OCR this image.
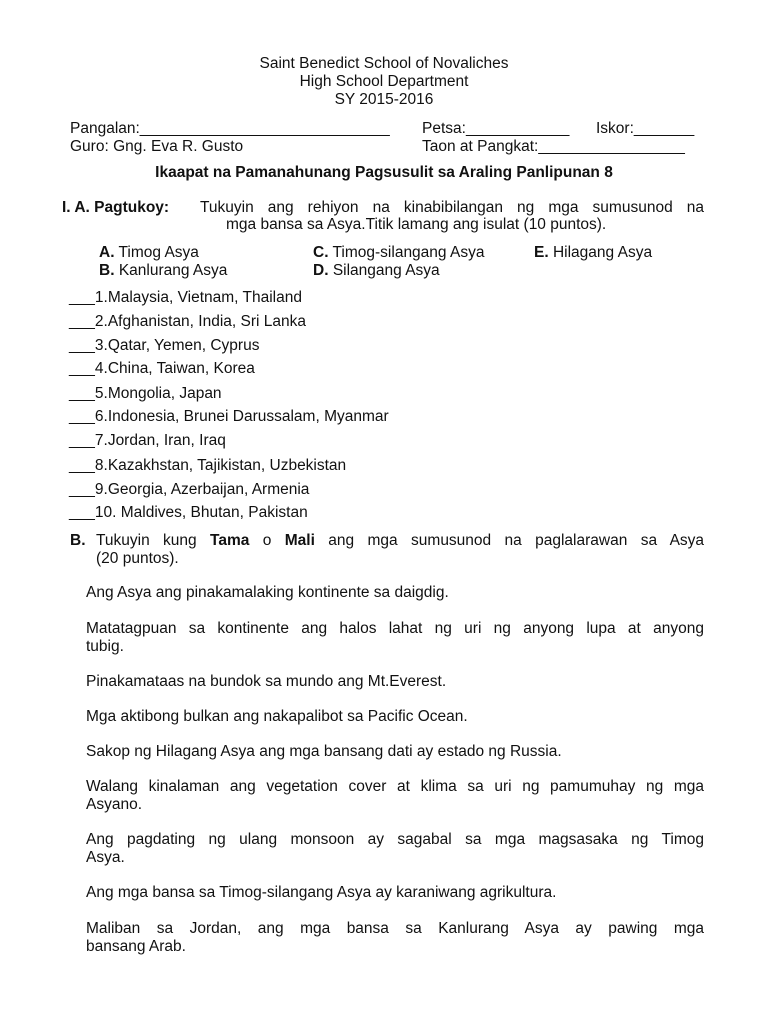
Saint Benedict School of Novaliches
High School Department
SY 2015-2016
Pangalan:_____________________________ Petsa:____________ Iskor:_______
Guro: Gng. Eva R. Gusto	Taon at Pangkat:_________________
Ikaapat na Pamanahunang Pagsusulit sa Araling Panlipunan 8
I. A. Pagtukoy: Tukuyin ang rehiyon na kinabibilangan ng mga sumusunod na
mga bansa sa Asya.Titik lamang ang isulat (10 puntos).
A. Timog Asya	C. Timog-silangang Asya	E. Hilagang Asya
B. Kanlurang Asya	D. Silangang Asya
___1.Malaysia, Vietnam, Thailand
___2.Afghanistan, India, Sri Lanka
___3.Qatar, Yemen, Cyprus
___4.China, Taiwan, Korea
___5.Mongolia, Japan
___6.Indonesia, Brunei Darussalam, Myanmar
___7.Jordan, Iran, Iraq
___8.Kazakhstan, Tajikistan, Uzbekistan
___9.Georgia, Azerbaijan, Armenia
___10. Maldives, Bhutan, Pakistan
B. Tukuyin kung Tama o Mali ang mga sumusunod na paglalarawan sa Asya
(20 puntos).
Ang Asya ang pinakamalaking kontinente sa daigdig.
Matatagpuan sa kontinente ang halos lahat ng uri ng anyong lupa at anyong
tubig.
Pinakamataas na bundok sa mundo ang Mt.Everest.
Mga aktibong bulkan ang nakapalibot sa Pacific Ocean.
Sakop ng Hilagang Asya ang mga bansang dati ay estado ng Russia.
Walang kinalaman ang vegetation cover at klima sa uri ng pamumuhay ng mga
Asyano.
Ang pagdating ng ulang monsoon ay sagabal sa mga magsasaka ng Timog
Asya.
Ang mga bansa sa Timog-silangang Asya ay karaniwang agrikultura.
Maliban sa Jordan, ang mga bansa sa Kanlurang Asya ay pawing mga
bansang Arab.
